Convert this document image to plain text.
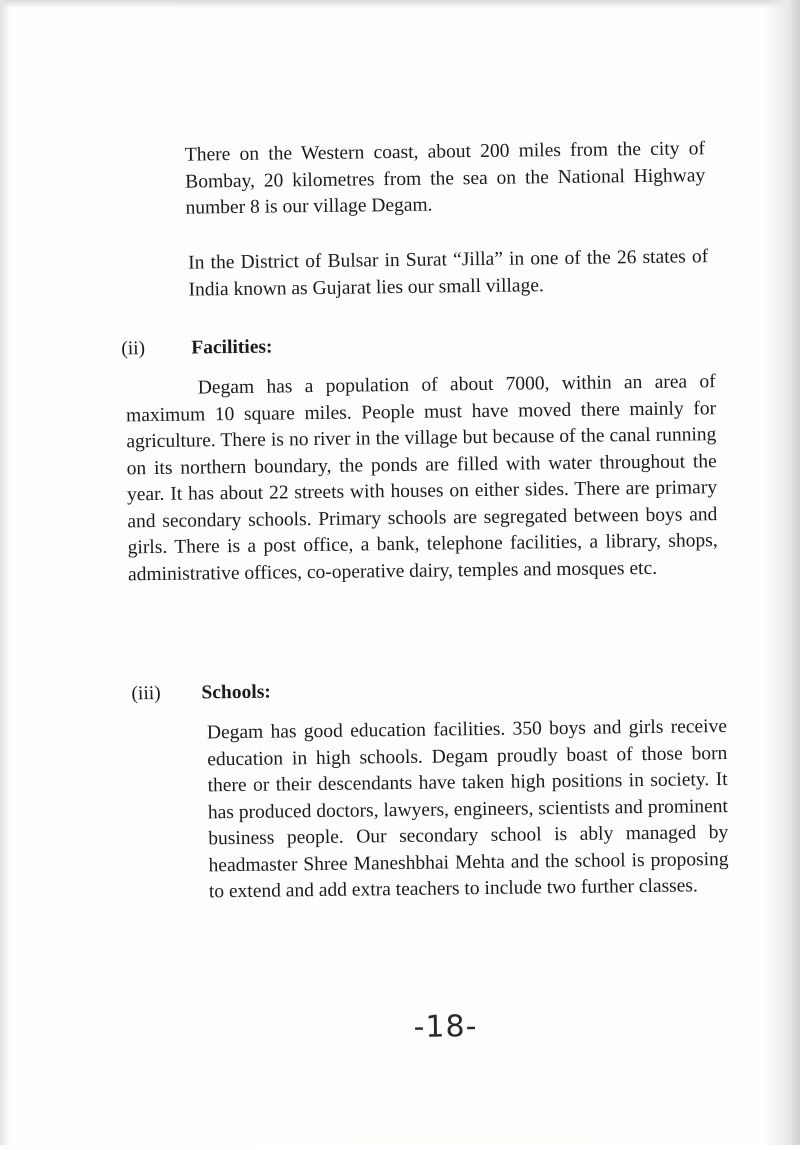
There on the Western coast, about 200 miles from the city of Bombay, 20 kilometres from the sea on the National Highway number 8 is our village Degam.

In the District of Bulsar in Surat “Jilla” in one of the 26 states of India known as Gujarat lies our small village.

(ii)	Facilities:

Degam has a population of about 7000, within an area of maximum 10 square miles. People must have moved there mainly for agriculture. There is no river in the village but because of the canal running on its northern boundary, the ponds are filled with water throughout the year. It has about 22 streets with houses on either sides. There are primary and secondary schools. Primary schools are segregated between boys and girls. There is a post office, a bank, telephone facilities, a library, shops, administrative offices, co-operative dairy, temples and mosques etc.

(iii)	Schools:

Degam has good education facilities. 350 boys and girls receive education in high schools. Degam proudly boast of those born there or their descendants have taken high positions in society. It has produced doctors, lawyers, engineers, scientists and prominent business people. Our secondary school is ably managed by headmaster Shree Maneshbhai Mehta and the school is proposing to extend and add extra teachers to include two further classes.

-18-
